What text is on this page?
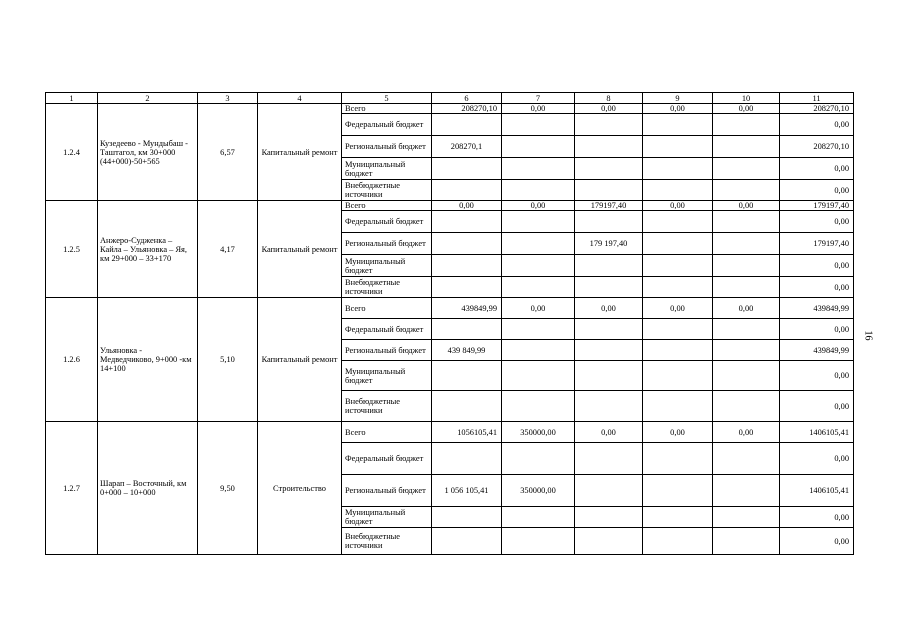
1	2	3	4	5	6	7	8	9	10	11
1.2.4	Кузедеево - Мундыбаш - Таштагол, км 30+000 (44+000)-50+565	6,57	Капитальный ремонт	Всего	208270,10	0,00	0,00	0,00	0,00	208270,10
				Федеральный бюджет						0,00
				Региональный бюджет	208270,1					208270,10
				Муниципальный бюджет						0,00
				Внебюджетные источники						0,00
1.2.5	Анжеро-Судженка – Кайла – Ульяновка – Яя, км 29+000 – 33+170	4,17	Капитальный ремонт	Всего	0,00	0,00	179197,40	0,00	0,00	179197,40
				Федеральный бюджет						0,00
				Региональный бюджет			179 197,40			179197,40
				Муниципальный бюджет						0,00
				Внебюджетные источники						0,00
1.2.6	Ульяновка - Медведчиково, 9+000 -км 14+100	5,10	Капитальный ремонт	Всего	439849,99	0,00	0,00	0,00	0,00	439849,99
				Федеральный бюджет						0,00
				Региональный бюджет	439 849,99					439849,99
				Муниципальный бюджет						0,00
				Внебюджетные источники						0,00
1.2.7	Шарап – Восточный, км 0+000 – 10+000	9,50	Строительство	Всего	1056105,41	350000,00	0,00	0,00	0,00	1406105,41
				Федеральный бюджет						0,00
				Региональный бюджет	1 056 105,41	350000,00				1406105,41
				Муниципальный бюджет						0,00
				Внебюджетные источники						0,00
16
